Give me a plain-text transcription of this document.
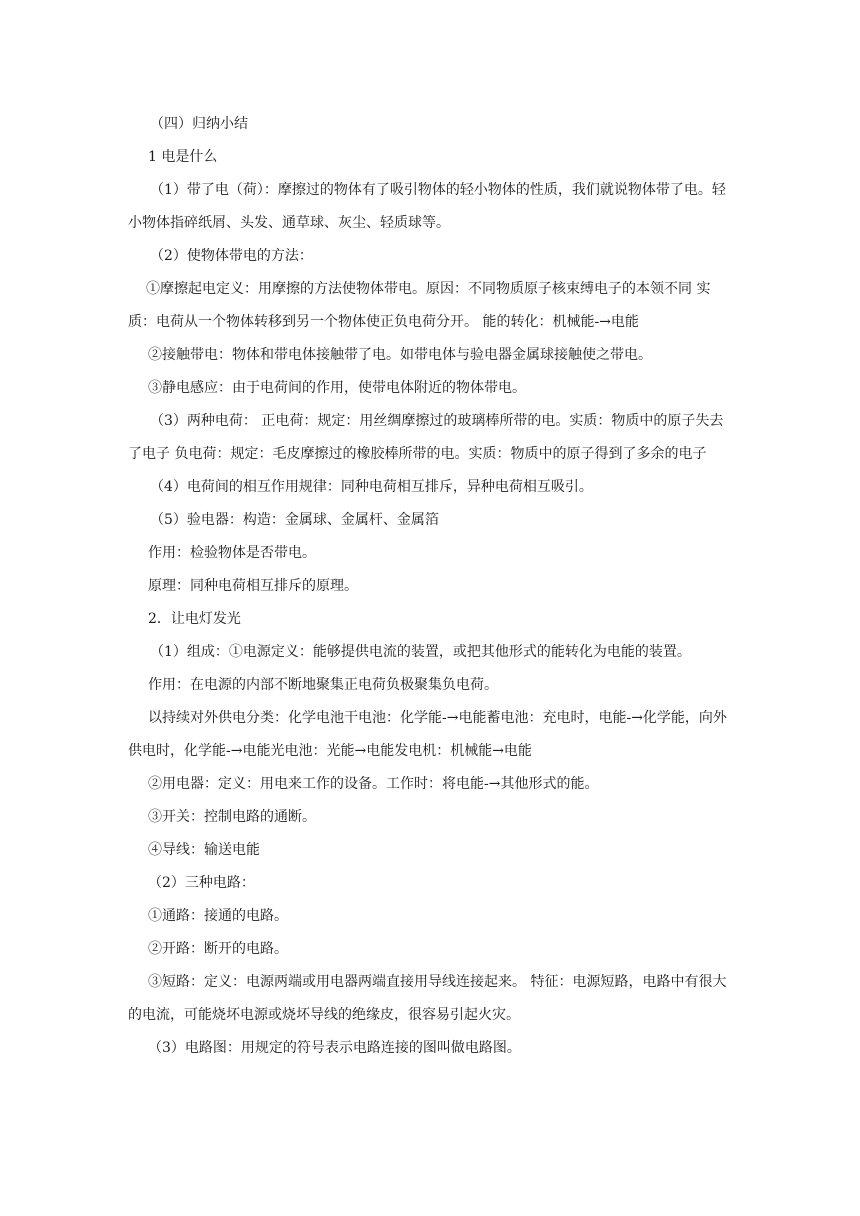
（四）归纳小结

1 电是什么

（1）带了电（荷）：摩擦过的物体有了吸引物体的轻小物体的性质，我们就说物体带了电。轻小物体指碎纸屑、头发、通草球、灰尘、轻质球等。

（2）使物体带电的方法：

①摩擦起电定义：用摩擦的方法使物体带电。原因：不同物质原子核束缚电子的本领不同 实质：电荷从一个物体转移到另一个物体使正负电荷分开。 能的转化：机械能-→电能

②接触带电：物体和带电体接触带了电。如带电体与验电器金属球接触使之带电。

③静电感应：由于电荷间的作用，使带电体附近的物体带电。

（3）两种电荷： 正电荷：规定：用丝绸摩擦过的玻璃棒所带的电。实质：物质中的原子失去了电子 负电荷：规定：毛皮摩擦过的橡胶棒所带的电。实质：物质中的原子得到了多余的电子

（4）电荷间的相互作用规律：同种电荷相互排斥，异种电荷相互吸引。

（5）验电器：构造：金属球、金属杆、金属箔

作用：检验物体是否带电。

原理：同种电荷相互排斥的原理。

2．让电灯发光

（1）组成：①电源定义：能够提供电流的装置，或把其他形式的能转化为电能的装置。

作用：在电源的内部不断地聚集正电荷负极聚集负电荷。

以持续对外供电分类：化学电池干电池：化学能-→电能蓄电池：充电时，电能-→化学能，向外供电时，化学能-→电能光电池：光能→电能发电机：机械能→电能

②用电器：定义：用电来工作的设备。工作时：将电能-→其他形式的能。

③开关：控制电路的通断。

④导线：输送电能

（2）三种电路：

①通路：接通的电路。

②开路：断开的电路。

③短路：定义：电源两端或用电器两端直接用导线连接起来。 特征：电源短路，电路中有很大的电流，可能烧坏电源或烧坏导线的绝缘皮，很容易引起火灾。

（3）电路图：用规定的符号表示电路连接的图叫做电路图。
